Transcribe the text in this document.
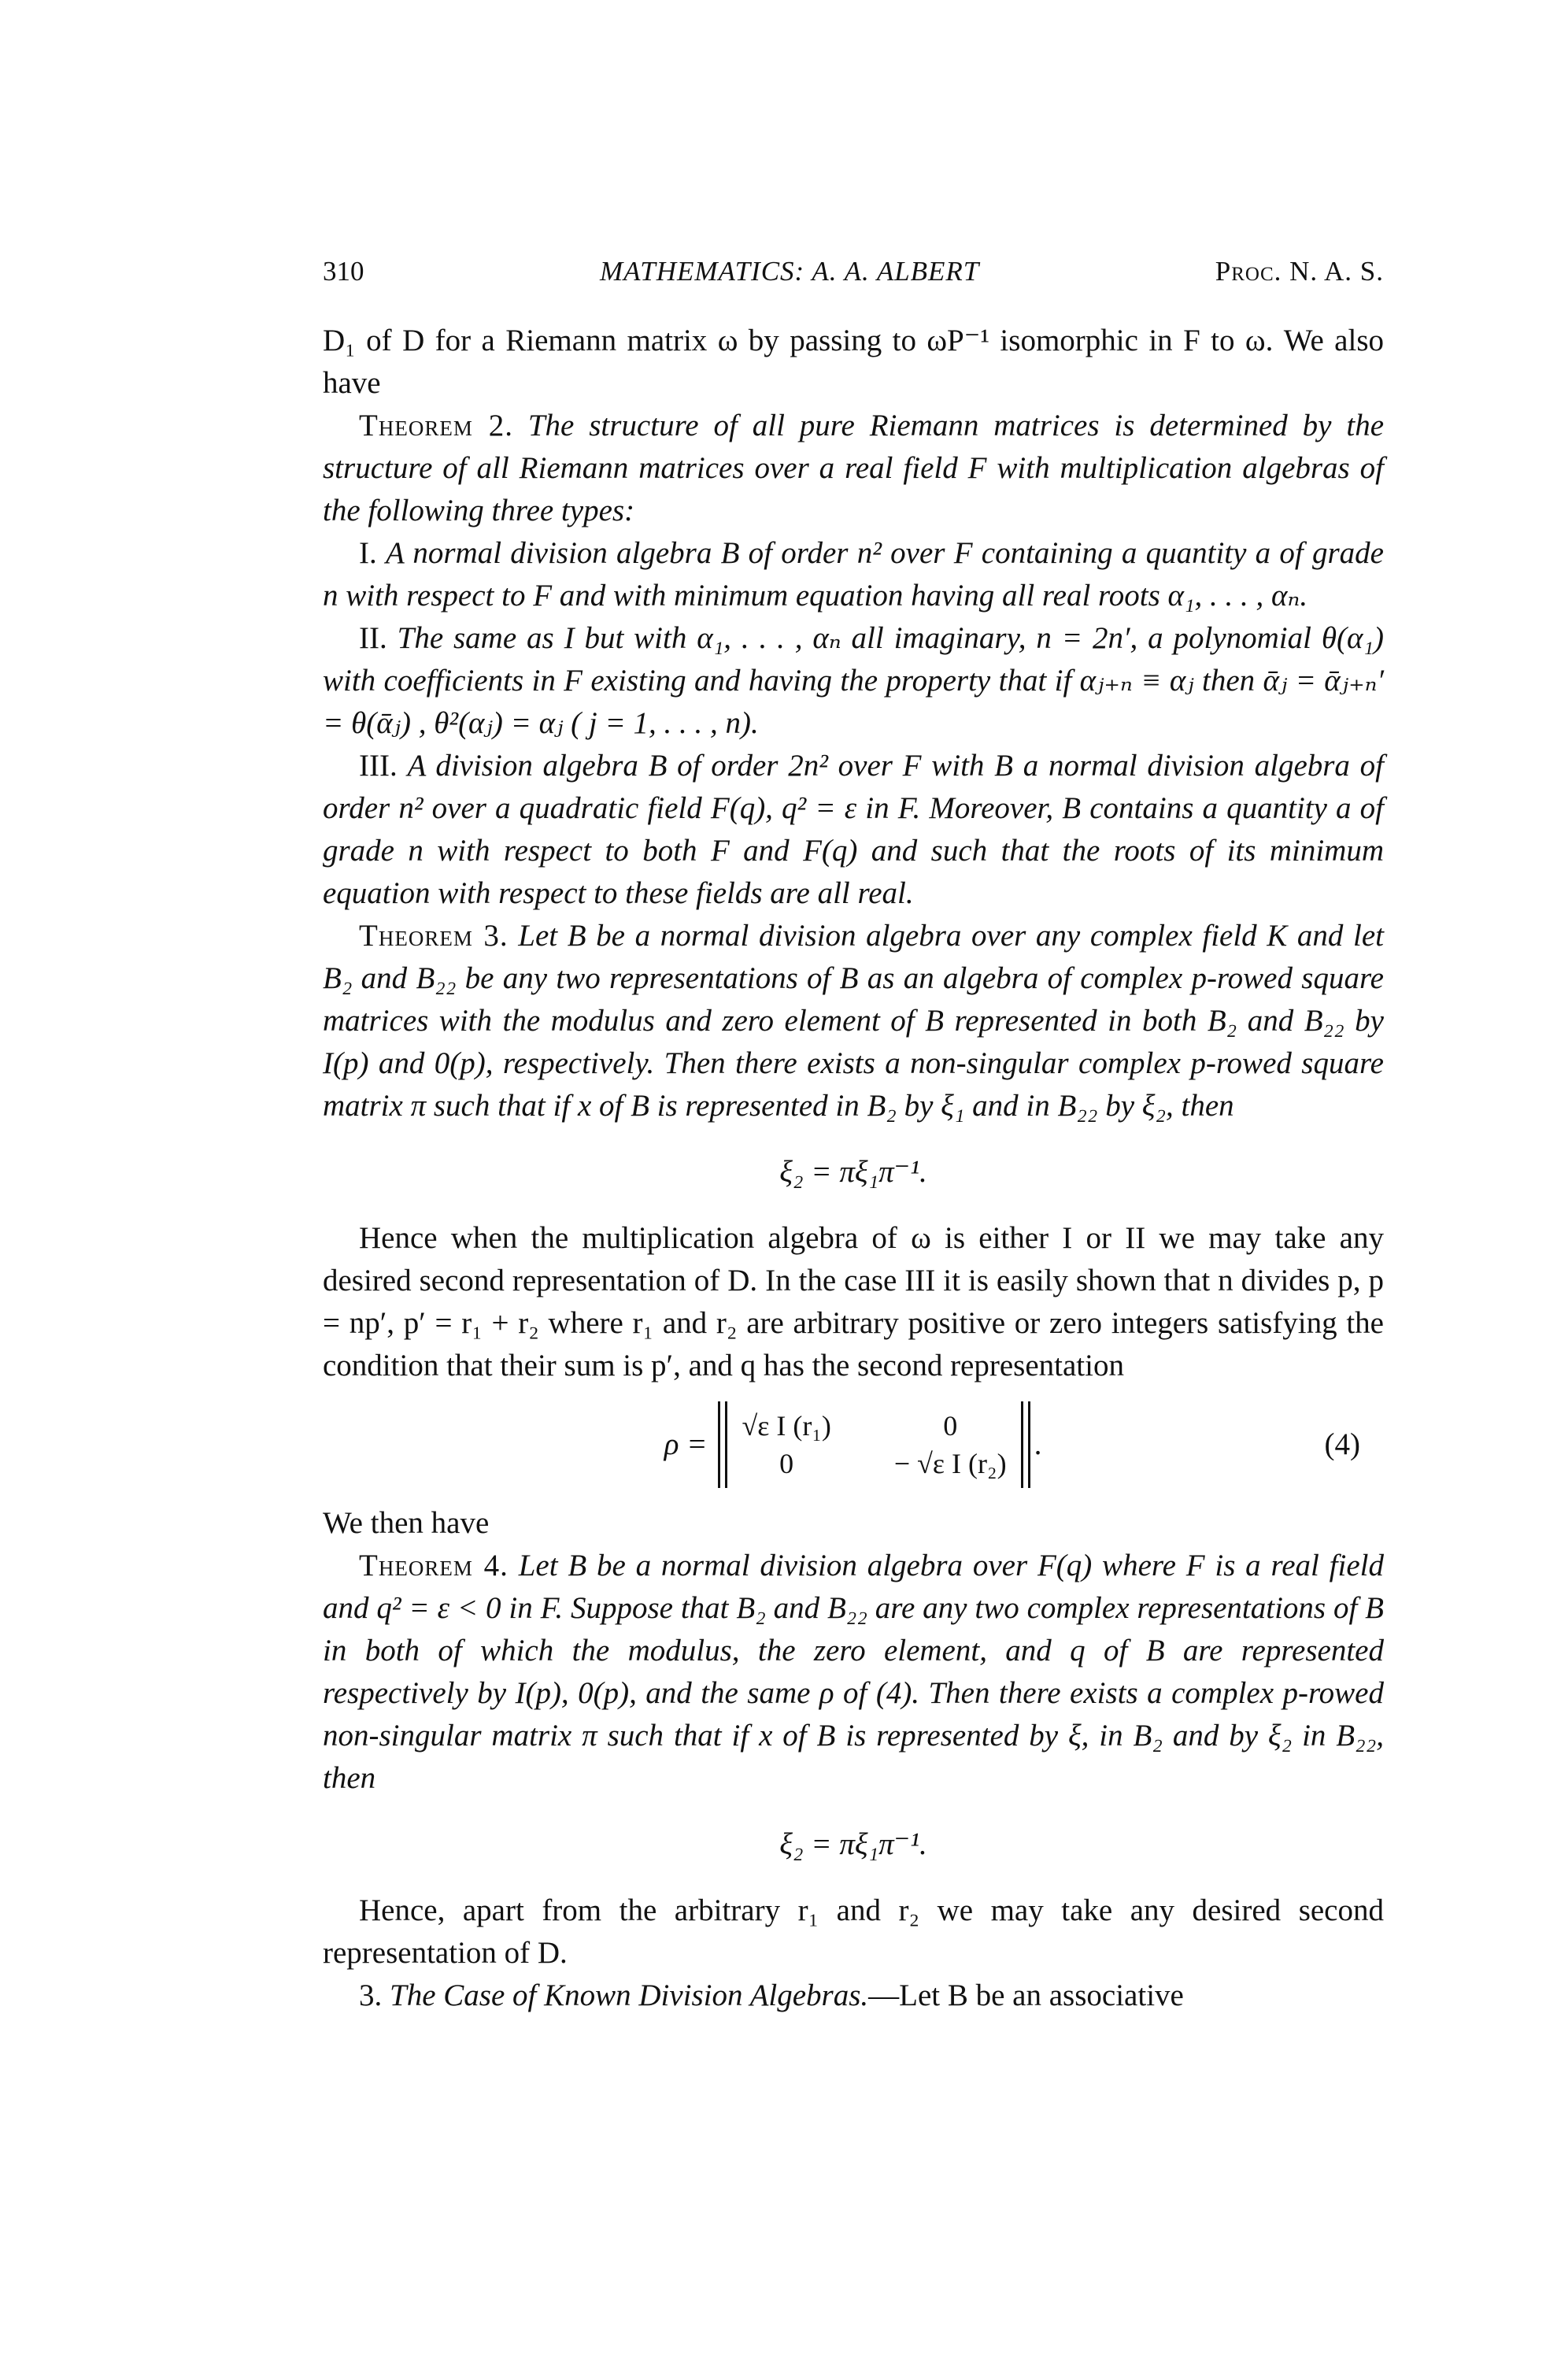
310	MATHEMATICS: A. A. ALBERT	Proc. N. A. S.

D₁ of D for a Riemann matrix ω by passing to ωP⁻¹ isomorphic in F to ω. We also have

Theorem 2. The structure of all pure Riemann matrices is determined by the structure of all Riemann matrices over a real field F with multiplication algebras of the following three types:

I. A normal division algebra B of order n² over F containing a quantity a of grade n with respect to F and with minimum equation having all real roots α₁, . . . , αₙ.

II. The same as I but with α₁, . . . , αₙ all imaginary, n = 2n′, a polynomial θ(α₁) with coefficients in F existing and having the property that if αⱼ₊ₙ ≡ αⱼ then ᾱⱼ = ᾱⱼ₊ₙ′ = θ(ᾱⱼ) , θ²(αⱼ) = αⱼ ( j = 1, . . . , n).

III. A division algebra B of order 2n² over F with B a normal division algebra of order n² over a quadratic field F(q), q² = ε in F. Moreover, B contains a quantity a of grade n with respect to both F and F(q) and such that the roots of its minimum equation with respect to these fields are all real.

Theorem 3. Let B be a normal division algebra over any complex field K and let B₂ and B₂₂ be any two representations of B as an algebra of complex p-rowed square matrices with the modulus and zero element of B represented in both B₂ and B₂₂ by I(p) and 0(p), respectively. Then there exists a non-singular complex p-rowed square matrix π such that if x of B is represented in B₂ by ξ₁ and in B₂₂ by ξ₂, then

ξ₂ = πξ₁π⁻¹.

Hence when the multiplication algebra of ω is either I or II we may take any desired second representation of D. In the case III it is easily shown that n divides p, p = np′, p′ = r₁ + r₂ where r₁ and r₂ are arbitrary positive or zero integers satisfying the condition that their sum is p′, and q has the second representation

ρ =
√ε I (r₁)	0
0	− √ε I (r₂)
.	(4)

We then have

Theorem 4. Let B be a normal division algebra over F(q) where F is a real field and q² = ε < 0 in F. Suppose that B₂ and B₂₂ are any two complex representations of B in both of which the modulus, the zero element, and q of B are represented respectively by I(p), 0(p), and the same ρ of (4). Then there exists a complex p-rowed non-singular matrix π such that if x of B is represented by ξ, in B₂ and by ξ₂ in B₂₂, then

ξ₂ = πξ₁π⁻¹.

Hence, apart from the arbitrary r₁ and r₂ we may take any desired second representation of D.

3. The Case of Known Division Algebras.—Let B be an associative
